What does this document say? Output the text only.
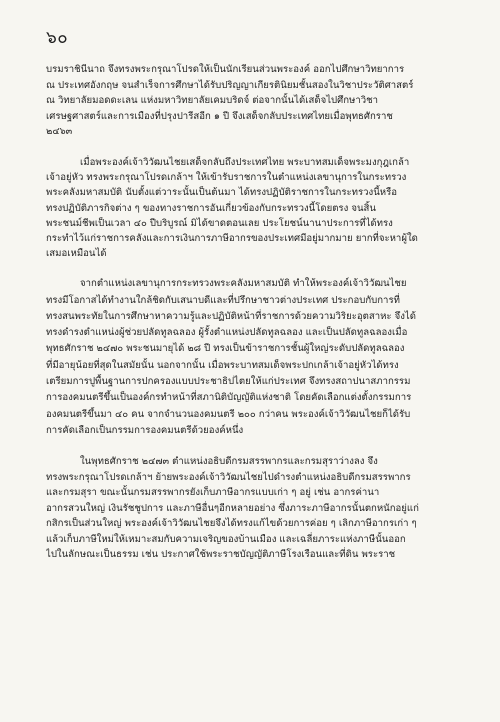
๖๐
บรมราชินีนาถ จึงทรงพระกรุณาโปรดให้เป็นนักเรียนส่วนพระองค์ ออกไปศึกษาวิทยาการ
ณ ประเทศอังกฤษ จนสำเร็จการศึกษาได้รับปริญญาเกียรตินิยมชั้นสองในวิชาประวัติศาสตร์
ณ วิทยาลัยมอดดะเลน แห่งมหาวิทยาลัยเคมบริดจ์ ต่อจากนั้นได้เสด็จไปศึกษาวิชา
เศรษฐศาสตร์และการเมืองที่ปรุงปารีสอีก ๑ ปี จึงเสด็จกลับประเทศไทยเมื่อพุทธศักราช
๒๔๖๓
เมื่อพระองค์เจ้าวิวัฒนไชยเสด็จกลับถึงประเทศไทย พระบาทสมเด็จพระมงกุฎเกล้า
เจ้าอยู่หัว ทรงพระกรุณาโปรดเกล้าฯ ให้เข้ารับราชการในตำแหน่งเลขานุการในกระทรวง
พระคลังมหาสมบัติ นับตั้งแต่วาระนั้นเป็นต้นมา ได้ทรงปฏิบัติราชการในกระทรวงนี้หรือ
ทรงปฏิบัติภารกิจต่าง ๆ ของทางราชการอันเกี่ยวข้องกับกระทรวงนี้โดยตรง จนสิ้น
พระชนม์ชีพเป็นเวลา ๔๐ ปีบริบูรณ์ มิได้ขาดตอนเลย ประโยชน์นานาประการที่ได้ทรง
กระทำไว้แก่ราชการคลังและการเงินการภาษีอากรของประเทศมีอยู่มากมาย ยากที่จะหาผู้ใด
เสมอเหมือนได้
จากตำแหน่งเลขานุการกระทรวงพระคลังมหาสมบัติ ทำให้พระองค์เจ้าวิวัฒนไชย
ทรงมีโอกาสได้ทำงานใกล้ชิดกับเสนาบดีและที่ปรึกษาชาวต่างประเทศ ประกอบกับการที่
ทรงสนพระทัยในการศึกษาหาความรู้และปฏิบัติหน้าที่ราชการด้วยความวิริยะอุตสาหะ จึงได้
ทรงดำรงตำแหน่งผู้ช่วยปลัดทูลฉลอง ผู้รั้งตำแหน่งปลัดทูลฉลอง และเป็นปลัดทูลฉลองเมื่อ
พุทธศักราช ๒๔๗๐ พระชนมายุได้ ๒๘ ปี ทรงเป็นข้าราชการชั้นผู้ใหญ่ระดับปลัดทูลฉลอง
ที่มีอายุน้อยที่สุดในสมัยนั้น นอกจากนั้น เมื่อพระบาทสมเด็จพระปกเกล้าเจ้าอยู่หัวได้ทรง
เตรียมการปูพื้นฐานการปกครองแบบประชาธิปไตยให้แก่ประเทศ จึงทรงสถาปนาสภากรรม
การองคมนตรีขึ้นเป็นองค์กรทำหน้าที่สภานิติบัญญัติแห่งชาติ โดยคัดเลือกแต่งตั้งกรรมการ
องคมนตรีขึ้นมา ๔๐ คน จากจำนวนองคมนตรี ๒๐๐ กว่าคน พระองค์เจ้าวิวัฒนไชยก็ได้รับ
การคัดเลือกเป็นกรรมการองคมนตรีด้วยองค์หนึ่ง
ในพุทธศักราช ๒๔๗๓ ตำแหน่งอธิบดีกรมสรรพากรและกรมสุราว่างลง จึง
ทรงพระกรุณาโปรดเกล้าฯ ย้ายพระองค์เจ้าวิวัฒนไชยไปดำรงตำแหน่งอธิบดีกรมสรรพากร
และกรมสุรา ขณะนั้นกรมสรรพากรยังเก็บภาษีอากรแบบเก่า ๆ อยู่ เช่น อากรค่านา
อากรสวนใหญ่ เงินรัชชูปการ และภาษีอื่นๆอีกหลายอย่าง ซึ่งภาระภาษีอากรนั้นตกหนักอยู่แก่
กสิกรเป็นส่วนใหญ่ พระองค์เจ้าวิวัฒนไชยจึงได้ทรงแก้ไขด้วยการค่อย ๆ เลิกภาษีอากรเก่า ๆ
แล้วเก็บภาษีใหม่ให้เหมาะสมกับความเจริญของบ้านเมือง และเฉลี่ยภาระแห่งภาษีนั้นออก
ไปในลักษณะเป็นธรรม เช่น ประกาศใช้พระราชบัญญัติภาษีโรงเรือนและที่ดิน พระราช
